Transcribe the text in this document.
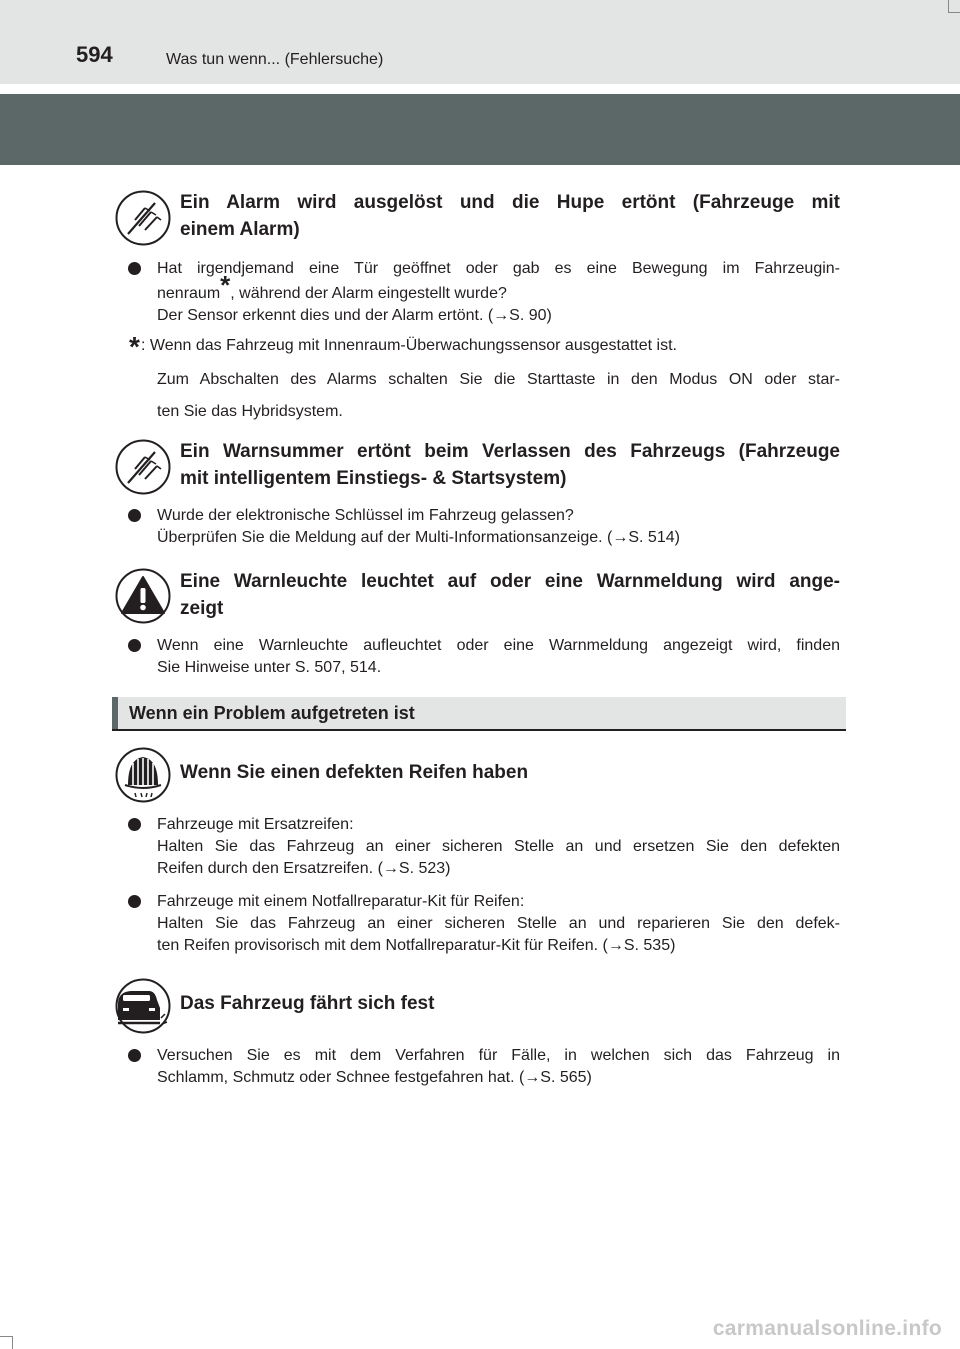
594	Was tun wenn... (Fehlersuche)
Ein Alarm wird ausgelöst und die Hupe ertönt (Fahrzeuge mit
einem Alarm)
Hat irgendjemand eine Tür geöffnet oder gab es eine Bewegung im Fahrzeugin-
nenraum*, während der Alarm eingestellt wurde?
Der Sensor erkennt dies und der Alarm ertönt. (→S. 90)
* : Wenn das Fahrzeug mit Innenraum-Überwachungssensor ausgestattet ist.
Zum Abschalten des Alarms schalten Sie die Starttaste in den Modus ON oder star-
ten Sie das Hybridsystem.
Ein Warnsummer ertönt beim Verlassen des Fahrzeugs (Fahrzeuge
mit intelligentem Einstiegs- & Startsystem)
Wurde der elektronische Schlüssel im Fahrzeug gelassen?
Überprüfen Sie die Meldung auf der Multi-Informationsanzeige. (→S. 514)
Eine Warnleuchte leuchtet auf oder eine Warnmeldung wird ange-
zeigt
Wenn eine Warnleuchte aufleuchtet oder eine Warnmeldung angezeigt wird, finden
Sie Hinweise unter S. 507, 514.
Wenn ein Problem aufgetreten ist
Wenn Sie einen defekten Reifen haben
Fahrzeuge mit Ersatzreifen:
Halten Sie das Fahrzeug an einer sicheren Stelle an und ersetzen Sie den defekten
Reifen durch den Ersatzreifen. (→S. 523)
Fahrzeuge mit einem Notfallreparatur-Kit für Reifen:
Halten Sie das Fahrzeug an einer sicheren Stelle an und reparieren Sie den defek-
ten Reifen provisorisch mit dem Notfallreparatur-Kit für Reifen. (→S. 535)
Das Fahrzeug fährt sich fest
Versuchen Sie es mit dem Verfahren für Fälle, in welchen sich das Fahrzeug in
Schlamm, Schmutz oder Schnee festgefahren hat. (→S. 565)
carmanualsonline.info
